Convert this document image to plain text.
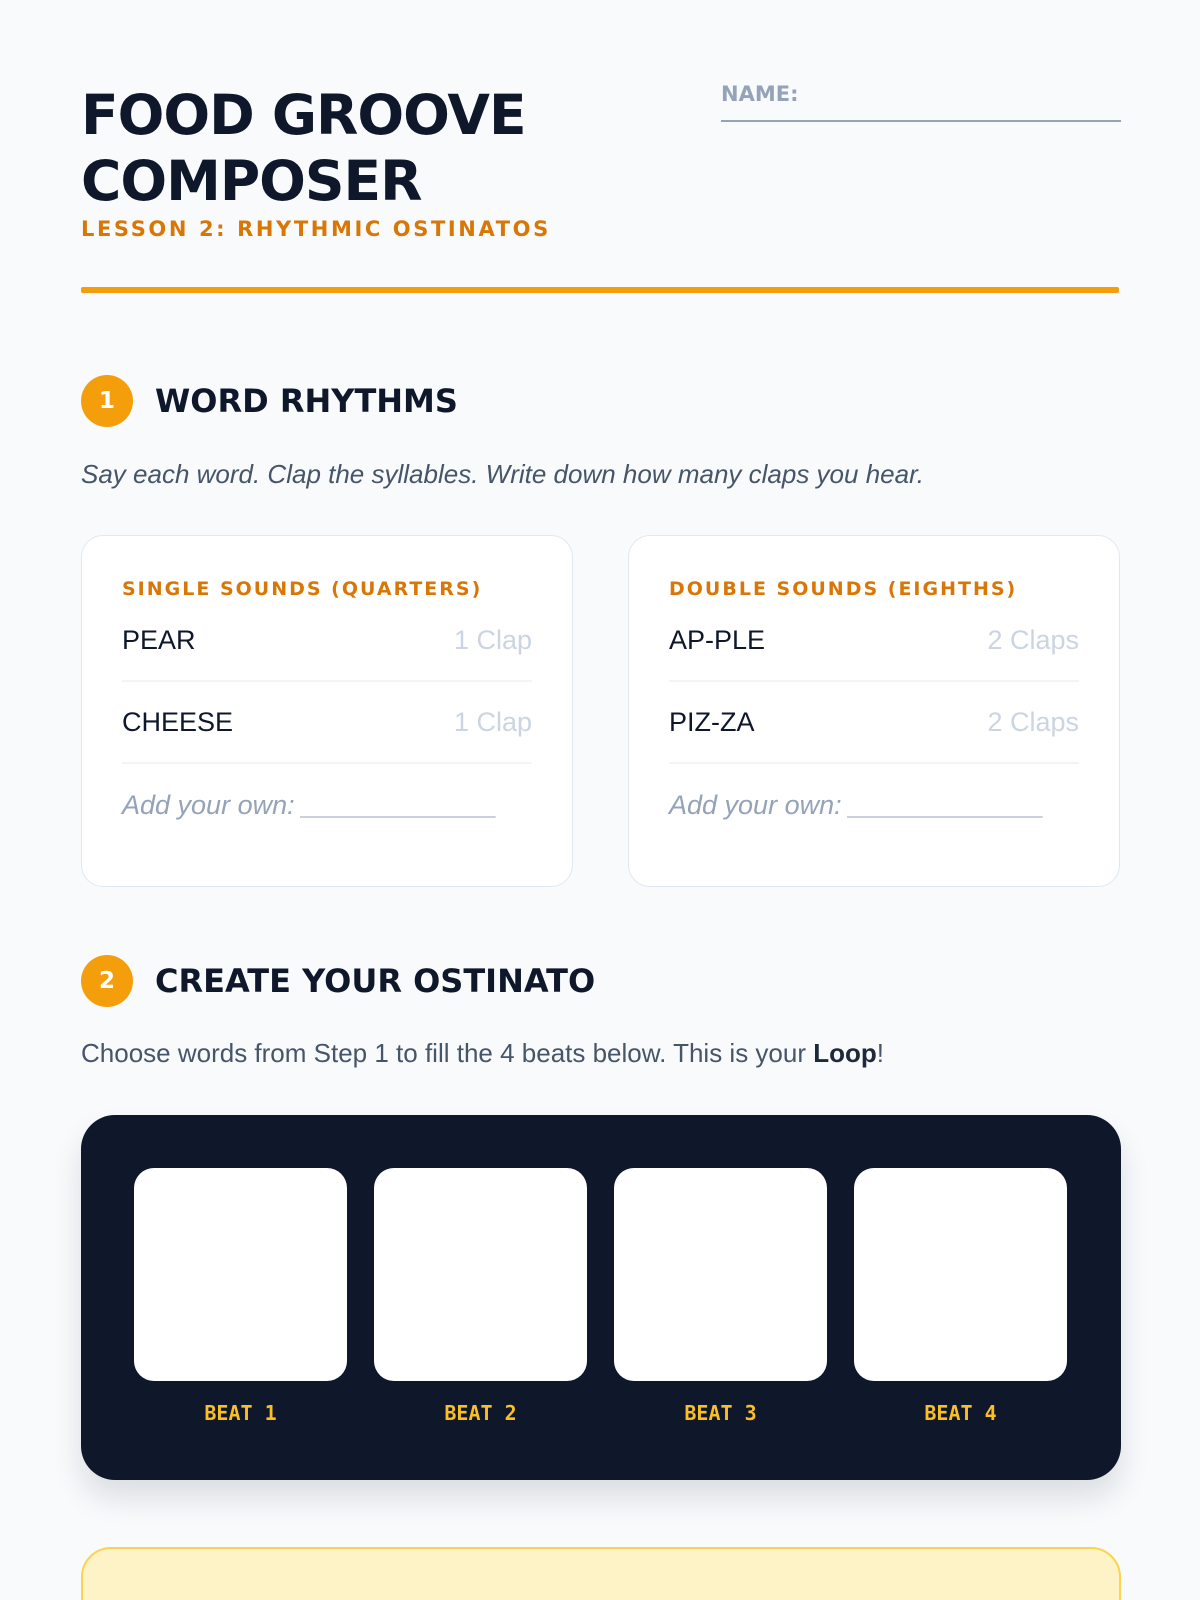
FOOD GROOVE
COMPOSER
LESSON 2: RHYTHMIC OSTINATOS
NAME:
1	WORD RHYTHMS

Say each word. Clap the syllables. Write down how many claps you hear.

SINGLE SOUNDS (QUARTERS)
PEAR	1 Clap
CHEESE	1 Clap
Add your own: _____________
DOUBLE SOUNDS (EIGHTHS)
AP-PLE	2 Claps
PIZ-ZA	2 Claps
Add your own: _____________
2	CREATE YOUR OSTINATO

Choose words from Step 1 to fill the 4 beats below. This is your Loop!

BEAT 1	BEAT 2	BEAT 3	BEAT 4
